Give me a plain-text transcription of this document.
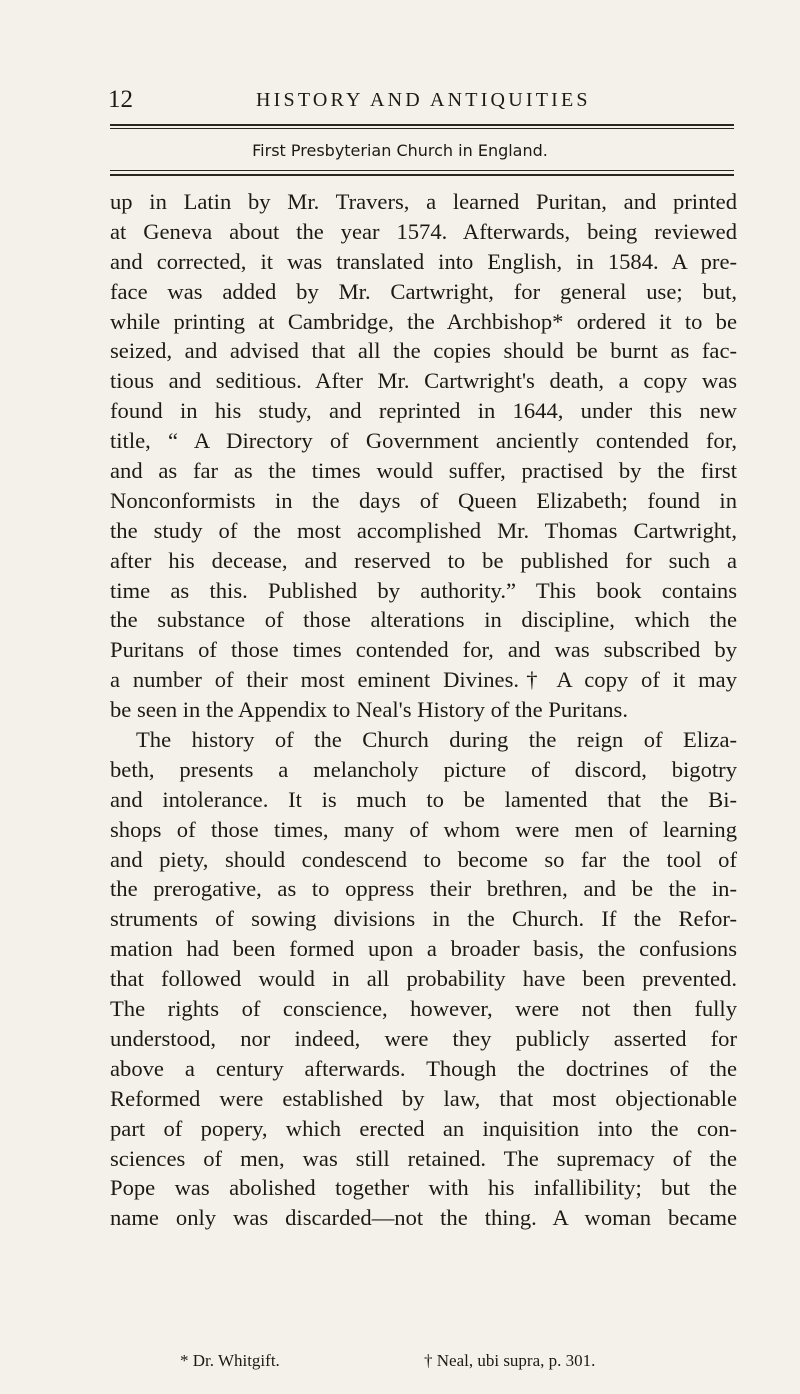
12	HISTORY AND ANTIQUITIES
First Presbyterian Church in England.
up in Latin by Mr. Travers, a learned Puritan, and printed
at Geneva about the year 1574. Afterwards, being reviewed
and corrected, it was translated into English, in 1584. A pre-
face was added by Mr. Cartwright, for general use; but,
while printing at Cambridge, the Archbishop* ordered it to be
seized, and advised that all the copies should be burnt as fac-
tious and seditious. After Mr. Cartwright's death, a copy was
found in his study, and reprinted in 1644, under this new
title, “ A Directory of Government anciently contended for,
and as far as the times would suffer, practised by the first
Nonconformists in the days of Queen Elizabeth; found in
the study of the most accomplished Mr. Thomas Cartwright,
after his decease, and reserved to be published for such a
time as this. Published by authority.” This book contains
the substance of those alterations in discipline, which the
Puritans of those times contended for, and was subscribed by
a number of their most eminent Divines.† A copy of it may
be seen in the Appendix to Neal's History of the Puritans.
The history of the Church during the reign of Eliza-
beth, presents a melancholy picture of discord, bigotry
and intolerance. It is much to be lamented that the Bi-
shops of those times, many of whom were men of learning
and piety, should condescend to become so far the tool of
the prerogative, as to oppress their brethren, and be the in-
struments of sowing divisions in the Church. If the Refor-
mation had been formed upon a broader basis, the confusions
that followed would in all probability have been prevented.
The rights of conscience, however, were not then fully
understood, nor indeed, were they publicly asserted for
above a century afterwards. Though the doctrines of the
Reformed were established by law, that most objectionable
part of popery, which erected an inquisition into the con-
sciences of men, was still retained. The supremacy of the
Pope was abolished together with his infallibility; but the
name only was discarded—not the thing. A woman became
* Dr. Whitgift.	† Neal, ubi supra, p. 301.
